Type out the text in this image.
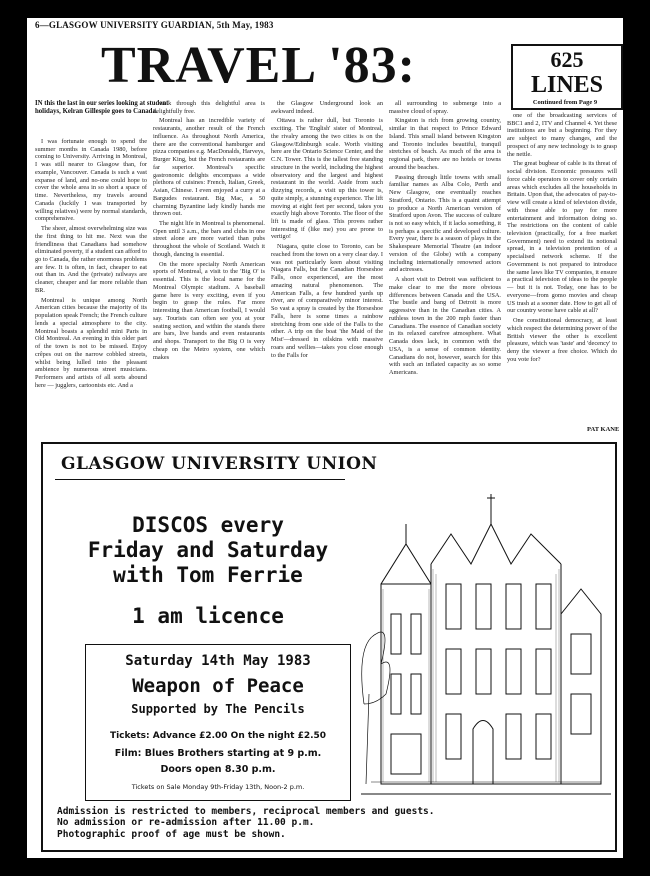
6—GLASGOW UNIVERSITY GUARDIAN, 5th May, 1983
TRAVEL '83:	625
LINES
Continued from Page 9
IN this the last in our series looking at student holidays, Kelran Gillespie goes to Canada.

I was fortunate enough to spend the summer months in Canada 1980, before coming to University. Arriving in Montreal, I was still nearer to Glasgow than, for example, Vancouver. Canada is such a vast expanse of land, and no-one could hope to cover the whole area in so short a space of time. Nevertheless, my travels around Canada (luckily I was transported by willing relatives) were by normal standards, comprehensive.

The sheer, almost overwhelming size was the first thing to hit me. Next was the friendliness that Canadians had somehow eliminated poverty, if a student can afford to go to Canada, the rather enormous problems are few. It is often, in fact, cheaper to eat out than in. And the (private) railways are cleaner, cheaper and far more reliable than BR.

Montreal is unique among North American cities because the majority of its population speak French; the French culture lends a special atmosphere to the city. Montreal boasts a splendid mini Paris in Old Montreal. An evening in this older part of the town is not to be missed. Enjoy crêpes out on the narrow cobbled streets, whilst being lulled into the pleasant ambience by numerous street musicians. Performers and artists of all sorts abound here — jugglers, cartoonists etc. And a

walk through this delightful area is delightfully free.

Montreal has an incredible variety of restaurants, another result of the French influence. As throughout North America, there are the conventional hamburger and pizza companies e.g. MacDonalds, Harveys, Burger King, but the French restaurants are far superior. Montreal's specific gastronomic delights encompass a wide plethora of cuisines: French, Italian, Greek, Asian, Chinese. I even enjoyed a curry at a Bargudes restaurant. Big Mac, a 50 charming Byzantine lady kindly hands me thrown out.

The night life in Montreal is phenomenal. Open until 3 a.m., the bars and clubs in one street alone are more varied than pubs throughout the whole of Scotland. Watch it though, dancing is essential.

On the more specialty North American sports of Montreal, a visit to the 'Big O' is essential. This is the local name for the Montreal Olympic stadium. A baseball game here is very exciting, even if you begin to grasp the rules. Far more interesting than American football, I would say. Tourists can often see you at your seating section, and within the stands there are bars, live bands and even restaurants and shops. Transport to the Big O is very cheap on the Metro system, one which makes

the Glasgow Underground look an awkward indeed.

Ottawa is rather dull, but Toronto is exciting. The 'English' sister of Montreal, the rivalry among the two cities is on the Glasgow/Edinburgh scale. Worth visiting here are the Ontario Science Center, and the C.N. Tower. This is the tallest free standing structure in the world, including the highest observatory and the largest and highest restaurant in the world. Aside from such dizzying records, a visit up this tower is, quite simply, a stunning experience. The lift moving at eight feet per second, takes you exactly high above Toronto. The floor of the lift is made of glass. This proves rather interesting if (like me) you are prone to vertigo!

Niagara, quite close to Toronto, can be reached from the town on a very clear day. I was not particularly keen about visiting Niagara Falls, but the Canadian Horseshoe Falls, once experienced, are the most amazing natural phenomenon. The American Falls, a few hundred yards up river, are of comparatively minor interest. So vast a spray is created by the Horseshoe Falls, here is some times a rainbow stretching from one side of the Falls to the other. A trip on the boat 'the Maid of the Mist'—dressed in oilskins with massive roars and wellies—takes you close enough to the Falls for

one of the broadcasting services of BBC1 and 2, ITV and Channel 4. Yet these institutions are but a beginning. For they are subject to many changes, and the prospect of any new technology is to grasp the nettle.

The great bugbear of cable is its threat of social division. Economic pressures will force cable operators to cover only certain areas which excludes all the households in Britain. Upon that, the advocates of pay-to-view will create a kind of television divide, with those able to pay for more entertainment and information doing so. The restrictions on the content of cable television (practically, for a free market Government) need to extend its notional spread, in a television pretention of a specialised network scheme. If the Government is not prepared to introduce the same laws like TV companies, it ensure a practical television of ideas to the people — but it is not. Today, one has to be everyone—from gomo movies and cheap US trash at a sooner date. How to get all of our country worse have cable at all?

One constitutional democracy, at least which respect the determining power of the British viewer the other is excellent pleasure, which was 'taste' and 'decency' to deny the viewer a free choice. Which do you vote for?

PAT KANE
GLASGOW UNIVERSITY UNION
DISCOS every
Friday and Saturday
with Tom Ferrie
1 am licence
Saturday 14th May 1983
Weapon of Peace
Supported by The Pencils
Tickets: Advance £2.00 On the night £2.50
Film: Blues Brothers starting at 9 p.m.
Doors open 8.30 p.m.
Tickets on Sale Monday 9th-Friday 13th, Noon-2 p.m.
Admission is restricted to members, reciprocal members and guests.
No admission or re-admission after 11.00 p.m.
Photographic proof of age must be shown.

all surrounding to submerge into a massive cloud of spray.

Kingston is rich from growing country, similar in that respect to Prince Edward Island. This small island between Kingston and Toronto includes beautiful, tranquil stretches of beach. As much of the area is regional park, there are no hotels or towns around the beaches.

Passing through little towns with small familiar names as Alba Colo, Perth and New Glasgow, one eventually reaches Stratford, Ontario. This is a quaint attempt to produce a North American version of Stratford upon Avon. The success of culture is not so easy which, if it lacks something, it is perhaps a specific and developed culture. Every year, there is a season of plays in the Shakespeare Memorial Theatre (an indoor version of the Globe) with a company including internationally renowned actors and actresses.

A short visit to Detroit was sufficient to make clear to me the more obvious differences between Canada and the USA. The bustle and bang of Detroit is more aggressive than in the Canadian cities. A ruthless town in the 200 mph faster than Canadians. The essence of Canadian society in its relaxed carefree atmosphere. What Canada does lack, in common with the USA, is a sense of common identity. Canadians do not, however, search for this with such an inflated capacity as so some Americans.
